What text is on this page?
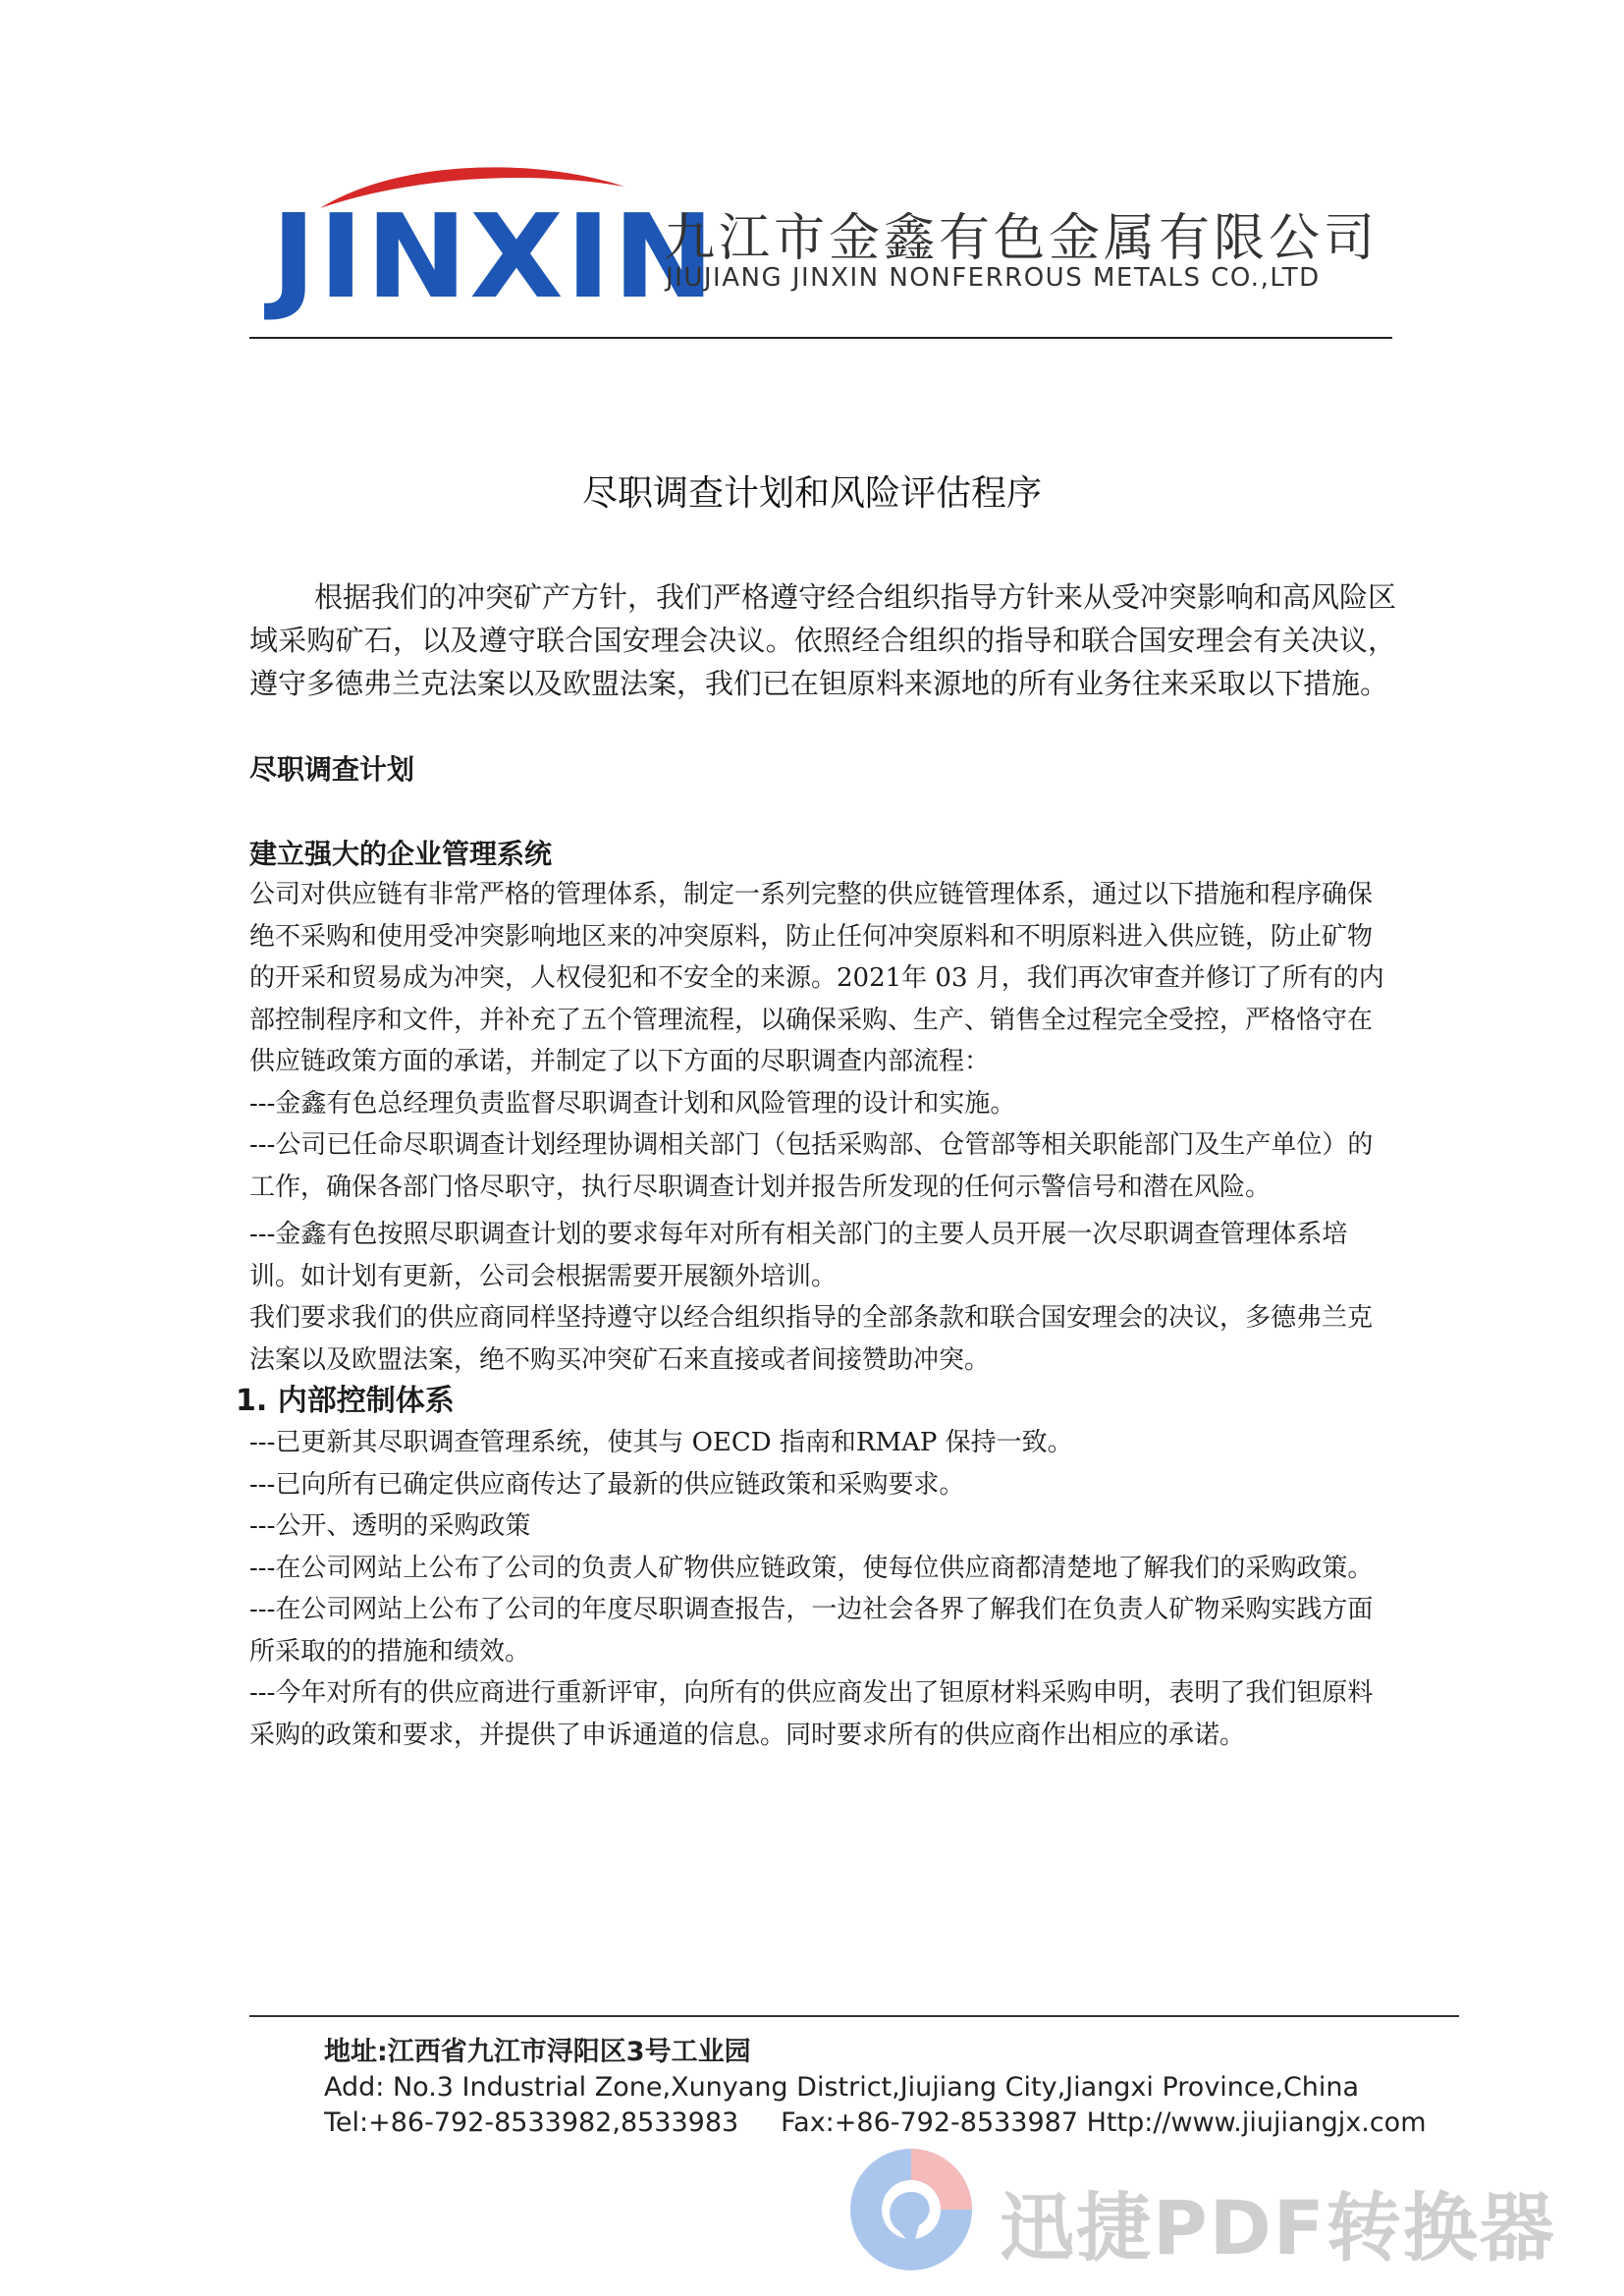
JINXIN
九江市金鑫有色金属有限公司
JIUJIANG JINXIN NONFERROUS METALS CO.,LTD
尽职调查计划和风险评估程序

根据我们的冲突矿产方针，我们严格遵守经合组织指导方针来从受冲突影响和高风险区域采购矿石，以及遵守联合国安理会决议。依照经合组织的指导和联合国安理会有关决议，遵守多德弗兰克法案以及欧盟法案，我们已在钽原料来源地的所有业务往来采取以下措施。

尽职调查计划

建立强大的企业管理系统

公司对供应链有非常严格的管理体系，制定一系列完整的供应链管理体系，通过以下措施和程序确保绝不采购和使用受冲突影响地区来的冲突原料，防止任何冲突原料和不明原料进入供应链，防止矿物的开采和贸易成为冲突，人权侵犯和不安全的来源。2021年 03 月，我们再次审查并修订了所有的内部控制程序和文件，并补充了五个管理流程，以确保采购、生产、销售全过程完全受控，严格恪守在供应链政策方面的承诺，并制定了以下方面的尽职调查内部流程：

---金鑫有色总经理负责监督尽职调查计划和风险管理的设计和实施。

---公司已任命尽职调查计划经理协调相关部门（包括采购部、仓管部等相关职能部门及生产单位）的工作，确保各部门恪尽职守，执行尽职调查计划并报告所发现的任何示警信号和潜在风险。

---金鑫有色按照尽职调查计划的要求每年对所有相关部门的主要人员开展一次尽职调查管理体系培训。如计划有更新，公司会根据需要开展额外培训。

我们要求我们的供应商同样坚持遵守以经合组织指导的全部条款和联合国安理会的决议，多德弗兰克法案以及欧盟法案，绝不购买冲突矿石来直接或者间接赞助冲突。

1. 内部控制体系

---已更新其尽职调查管理系统，使其与 OECD 指南和RMAP 保持一致。

---已向所有已确定供应商传达了最新的供应链政策和采购要求。

---公开、透明的采购政策

---在公司网站上公布了公司的负责人矿物供应链政策，使每位供应商都清楚地了解我们的采购政策。

---在公司网站上公布了公司的年度尽职调查报告，一边社会各界了解我们在负责人矿物采购实践方面所采取的的措施和绩效。

---今年对所有的供应商进行重新评审，向所有的供应商发出了钽原材料采购申明，表明了我们钽原料采购的政策和要求，并提供了申诉通道的信息。同时要求所有的供应商作出相应的承诺。

地址:江西省九江市浔阳区3号工业园
Add: No.3 Industrial Zone,Xunyang District,Jiujiang City,Jiangxi Province,China
Tel:+86-792-8533982,8533983     Fax:+86-792-8533987 Http://www.jiujiangjx.com
迅捷PDF转换器
